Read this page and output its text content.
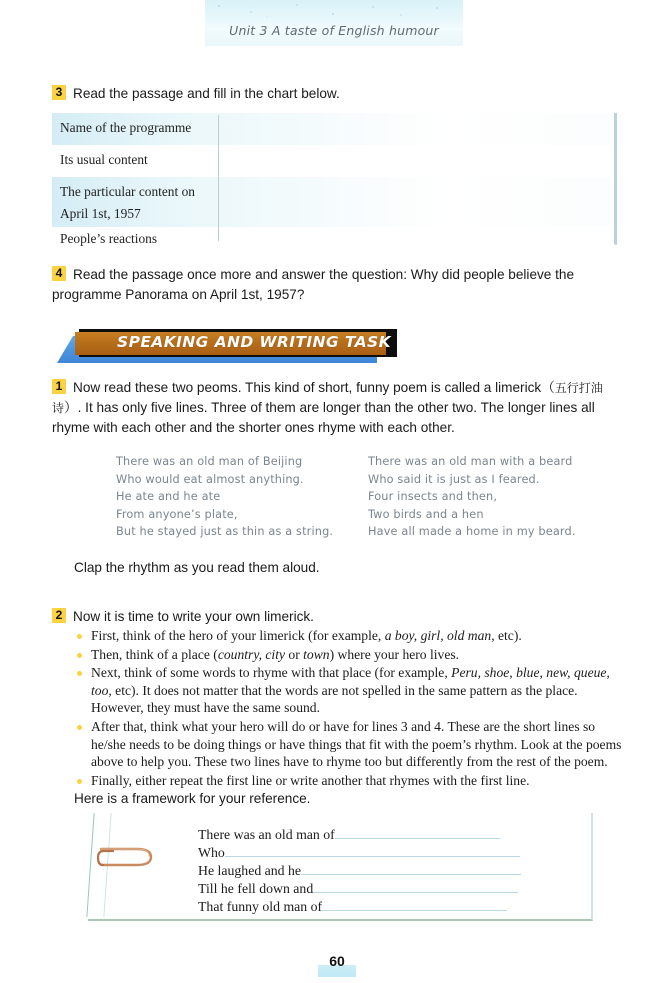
Unit 3 A taste of English humour
3 Read the passage and fill in the chart below.
Name of the programme
Its usual content
The particular content on
April 1st, 1957
People’s reactions
4 Read the passage once more and answer the question: Why did people believe the programme Panorama on April 1st, 1957?
SPEAKING AND WRITING TASK
1 Now read these two peoms. This kind of short, funny poem is called a limerick（五行打油诗）. It has only five lines. Three of them are longer than the other two. The longer lines all rhyme with each other and the shorter ones rhyme with each other.
There was an old man of Beijing
Who would eat almost anything.
He ate and he ate
From anyone’s plate,
But he stayed just as thin as a string.
There was an old man with a beard
Who said it is just as I feared.
Four insects and then,
Two birds and a hen
Have all made a home in my beard.
Clap the rhythm as you read them aloud.
2 Now it is time to write your own limerick.
First, think of the hero of your limerick (for example, a boy, girl, old man, etc).
Then, think of a place (country, city or town) where your hero lives.
Next, think of some words to rhyme with that place (for example, Peru, shoe, blue, new, queue, too, etc). It does not matter that the words are not spelled in the same pattern as the place. However, they must have the same sound.
After that, think what your hero will do or have for lines 3 and 4. These are the short lines so he/she needs to be doing things or have things that fit with the poem’s rhythm. Look at the poems above to help you. These two lines have to rhyme too but differently from the rest of the poem.
Finally, either repeat the first line or write another that rhymes with the first line.
Here is a framework for your reference.
There was an old man of
Who
He laughed and he
Till he fell down and
That funny old man of
60
